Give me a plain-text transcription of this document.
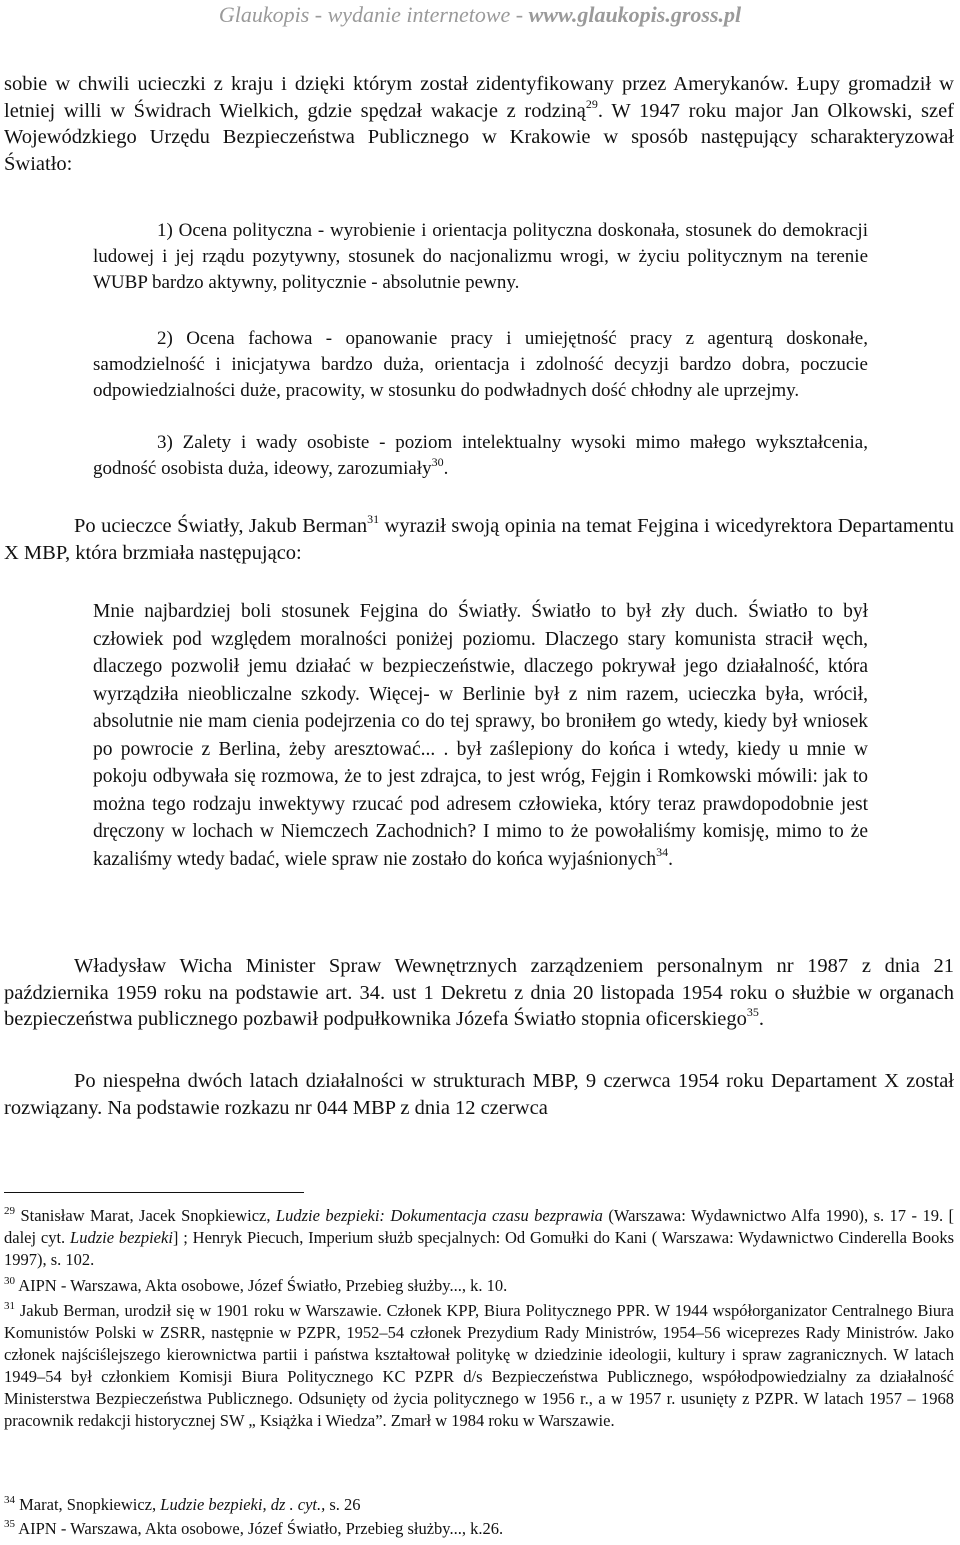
Glaukopis - wydanie internetowe - www.glaukopis.gross.pl
sobie w chwili ucieczki z kraju i dzięki którym został zidentyfikowany przez Amerykanów. Łupy gromadził w letniej willi w Świdrach Wielkich, gdzie spędzał wakacje z rodziną$^{29}$. W 1947 roku major Jan Olkowski, szef Wojewódzkiego Urzędu Bezpieczeństwa Publicznego w Krakowie w sposób następujący scharakteryzował Światło:
1) Ocena polityczna - wyrobienie i orientacja polityczna doskonała, stosunek do demokracji ludowej i jej rządu pozytywny, stosunek do nacjonalizmu wrogi, w życiu politycznym na terenie WUBP bardzo aktywny, politycznie - absolutnie pewny.
2) Ocena fachowa - opanowanie pracy i umiejętność pracy z agenturą doskonałe, samodzielność i inicjatywa bardzo duża, orientacja i zdolność decyzji bardzo dobra, poczucie odpowiedzialności duże, pracowity, w stosunku do podwładnych dość chłodny ale uprzejmy.
3) Zalety i wady osobiste - poziom intelektualny wysoki mimo małego wykształcenia, godność osobista duża, ideowy, zarozumiały$^{30}$.
Po ucieczce Światły, Jakub Berman$^{31}$ wyraził swoją opinia na temat Fejgina i wicedyrektora Departamentu X MBP, która brzmiała następująco:
Mnie najbardziej boli stosunek Fejgina do Światły. Światło to był zły duch. Światło to był człowiek pod względem moralności poniżej poziomu. Dlaczego stary komunista stracił węch, dlaczego pozwolił jemu działać w bezpieczeństwie, dlaczego pokrywał jego działalność, która wyrządziła nieobliczalne szkody. Więcej- w Berlinie był z nim razem, ucieczka była, wrócił, absolutnie nie mam cienia podejrzenia co do tej sprawy, bo broniłem go wtedy, kiedy był wniosek po powrocie z Berlina, żeby aresztować... . był zaślepiony do końca i wtedy, kiedy u mnie w pokoju odbywała się rozmowa, że to jest zdrajca, to jest wróg, Fejgin i Romkowski mówili: jak to można tego rodzaju inwektywy rzucać pod adresem człowieka, który teraz prawdopodobnie jest dręczony w lochach w Niemczech Zachodnich? I mimo to że powołaliśmy komisję, mimo to że kazaliśmy wtedy badać, wiele spraw nie zostało do końca wyjaśnionych$^{34}$.
Władysław Wicha Minister Spraw Wewnętrznych zarządzeniem personalnym nr 1987 z dnia 21 października 1959 roku na podstawie art. 34. ust 1 Dekretu z dnia 20 listopada 1954 roku o służbie w organach bezpieczeństwa publicznego pozbawił podpułkownika Józefa Światło stopnia oficerskiego$^{35}$.
Po niespełna dwóch latach działalności w strukturach MBP, 9 czerwca 1954 roku Departament X został rozwiązany. Na podstawie rozkazu nr 044 MBP z dnia 12 czerwca
$^{29}$ Stanisław Marat, Jacek Snopkiewicz, Ludzie bezpieki: Dokumentacja czasu bezprawia (Warszawa: Wydawnictwo Alfa 1990), s. 17 - 19. [ dalej cyt. Ludzie bezpieki] ; Henryk Piecuch, Imperium służb specjalnych: Od Gomułki do Kani ( Warszawa: Wydawnictwo Cinderella Books 1997), s. 102.
$^{30}$ AIPN - Warszawa, Akta osobowe, Józef Światło, Przebieg służby..., k. 10.
$^{31}$ Jakub Berman, urodził się w 1901 roku w Warszawie. Członek KPP, Biura Politycznego PPR. W 1944 współorganizator Centralnego Biura Komunistów Polski w ZSRR, następnie w PZPR, 1952–54 członek Prezydium Rady Ministrów, 1954–56 wiceprezes Rady Ministrów. Jako członek najściślejszego kierownictwa partii i państwa kształtował politykę w dziedzinie ideologii, kultury i spraw zagranicznych. W latach 1949–54 był członkiem Komisji Biura Politycznego KC PZPR d/s Bezpieczeństwa Publicznego, współodpowiedzialny za działalność Ministerstwa Bezpieczeństwa Publicznego. Odsunięty od życia politycznego w 1956 r., a w 1957 r. usunięty z PZPR. W latach 1957 – 1968 pracownik redakcji historycznej SW „ Książka i Wiedza”. Zmarł w 1984 roku w Warszawie.
$^{34}$ Marat, Snopkiewicz, Ludzie bezpieki, dz . cyt., s. 26
$^{35}$ AIPN - Warszawa, Akta osobowe, Józef Światło, Przebieg służby..., k.26.
